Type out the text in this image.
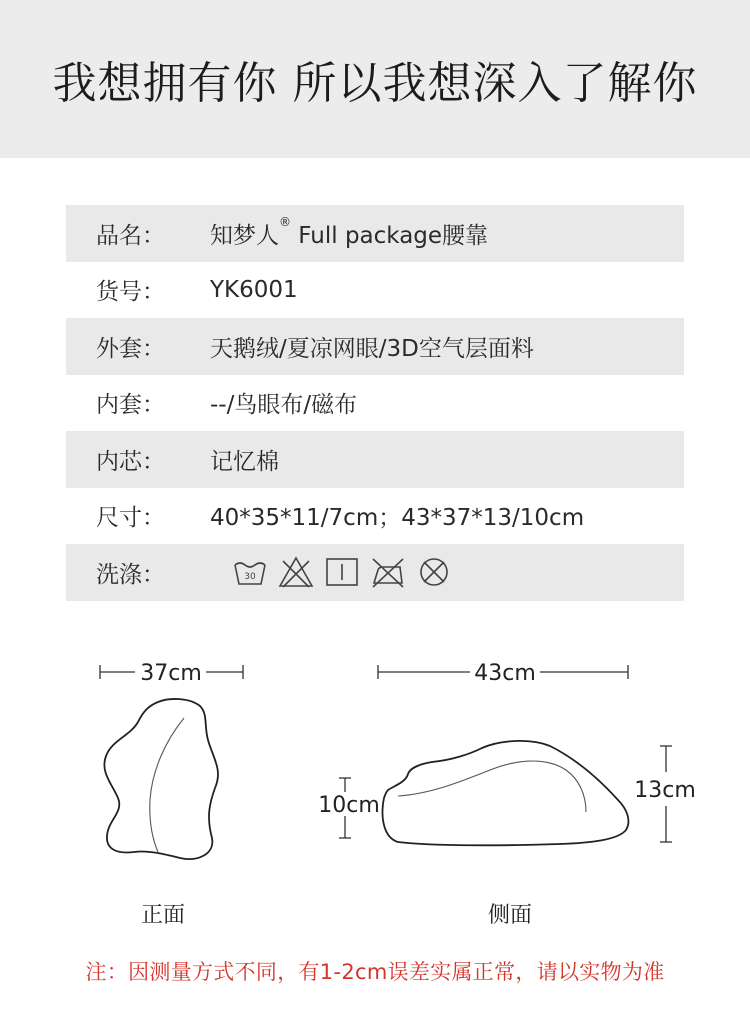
我想拥有你 所以我想深入了解你
品名：	知梦人® Full package腰靠
货号：	YK6001
外套：	天鹅绒/夏凉网眼/3D空气层面料
内套：	--/鸟眼布/磁布
内芯：	记忆棉
尺寸：	40*35*11/7cm；43*37*13/10cm
洗涤：	30
37cm	43cm
10cm
13cm
正面	侧面
注：因测量方式不同，有1-2cm误差实属正常，请以实物为准
